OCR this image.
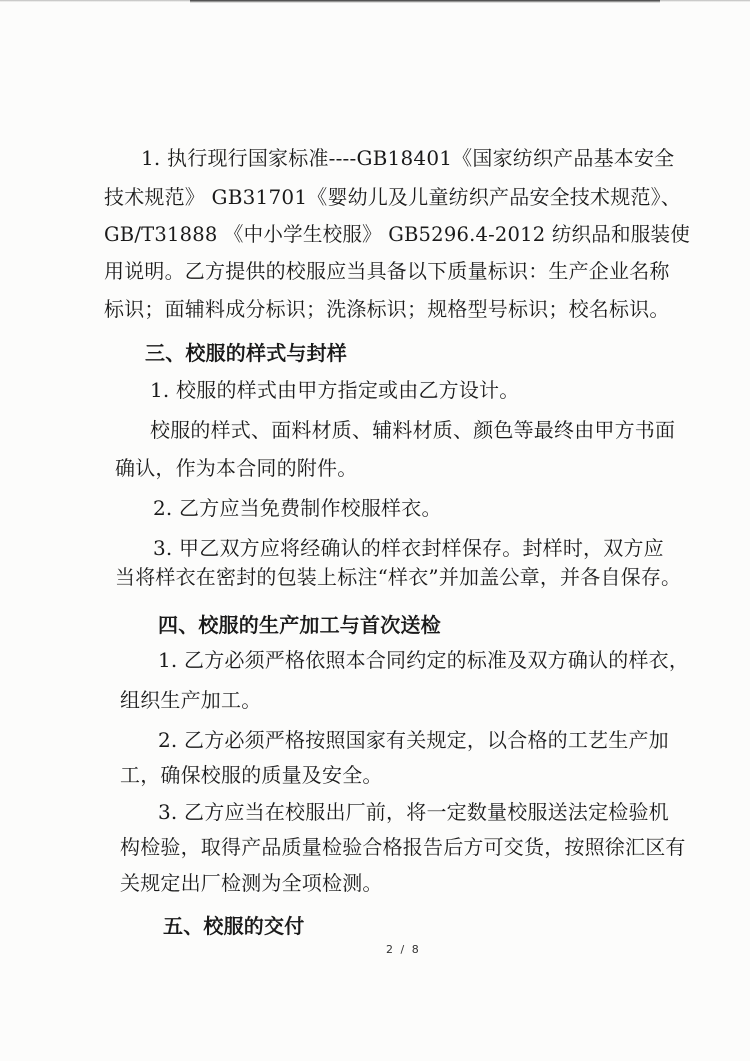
1. 执行现行国家标准----GB18401《国家纺织产品基本安全
技术规范》 GB31701《婴幼儿及儿童纺织产品安全技术规范》、
GB/T31888 《中小学生校服》 GB5296.4-2012 纺织品和服装使
用说明。乙方提供的校服应当具备以下质量标识：生产企业名称
标识；面辅料成分标识；洗涤标识；规格型号标识；校名标识。
三、校服的样式与封样
1. 校服的样式由甲方指定或由乙方设计。
校服的样式、面料材质、辅料材质、颜色等最终由甲方书面
确认，作为本合同的附件。
2. 乙方应当免费制作校服样衣。
3. 甲乙双方应将经确认的样衣封样保存。封样时，双方应
当将样衣在密封的包装上标注“样衣”并加盖公章，并各自保存。
四、校服的生产加工与首次送检
1. 乙方必须严格依照本合同约定的标准及双方确认的样衣，
组织生产加工。
2. 乙方必须严格按照国家有关规定，以合格的工艺生产加
工，确保校服的质量及安全。
3. 乙方应当在校服出厂前，将一定数量校服送法定检验机
构检验，取得产品质量检验合格报告后方可交货，按照徐汇区有
关规定出厂检测为全项检测。
五、校服的交付
2 / 8
